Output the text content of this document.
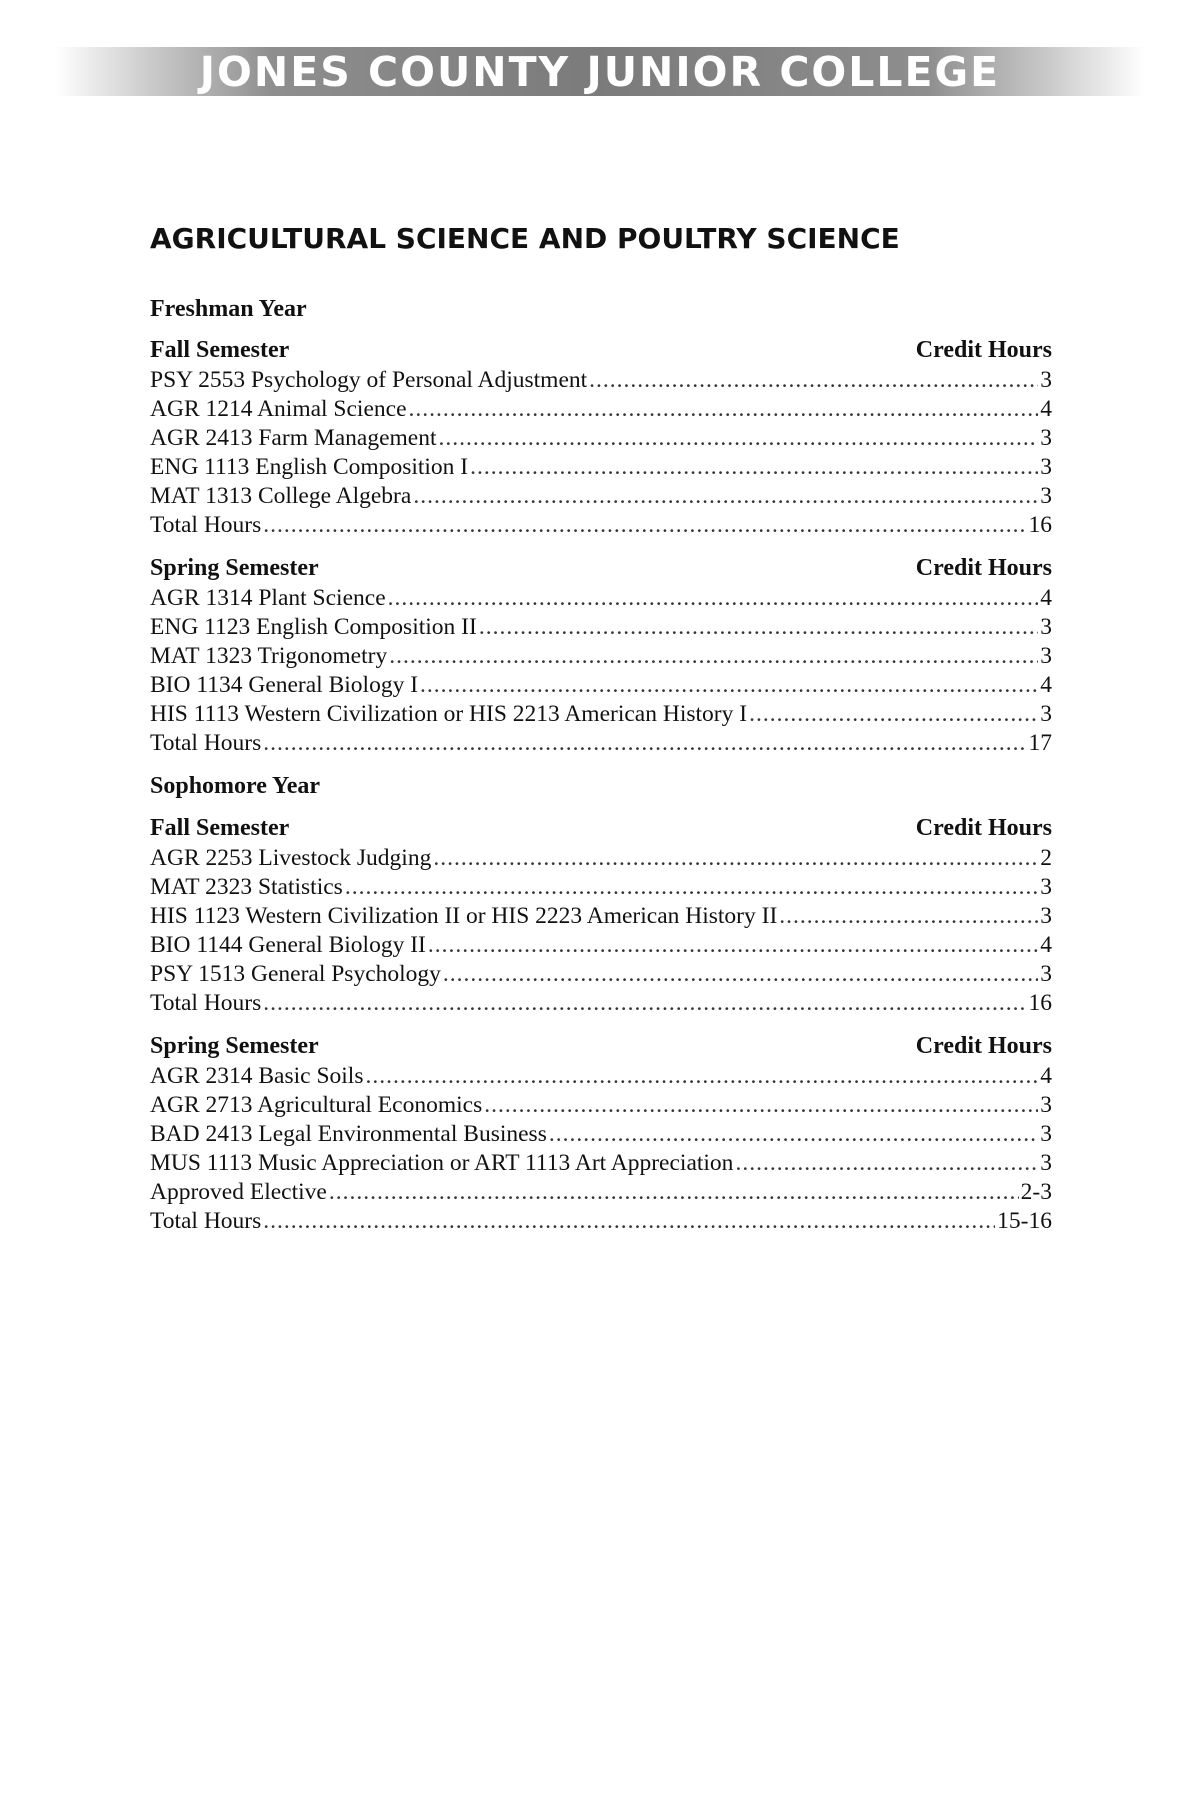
JONES COUNTY JUNIOR COLLEGE
AGRICULTURAL SCIENCE AND POULTRY SCIENCE
Freshman Year
Fall Semester	Credit Hours
PSY 2553 Psychology of Personal Adjustment .....	3
AGR 1214 Animal Science .....	4
AGR 2413 Farm Management .....	3
ENG 1113 English Composition I .....	3
MAT 1313 College Algebra .....	3
Total Hours .....	16
Spring Semester	Credit Hours
AGR 1314 Plant Science .....	4
ENG 1123 English Composition II .....	3
MAT 1323 Trigonometry .....	3
BIO 1134 General Biology I .....	4
HIS 1113 Western Civilization or HIS 2213 American History I .....	3
Total Hours .....	17
Sophomore Year
Fall Semester	Credit Hours
AGR 2253 Livestock Judging .....	2
MAT 2323 Statistics .....	3
HIS 1123 Western Civilization II or HIS 2223 American History II .....	3
BIO 1144 General Biology II .....	4
PSY 1513 General Psychology .....	3
Total Hours .....	16
Spring Semester	Credit Hours
AGR 2314 Basic Soils .....	4
AGR 2713 Agricultural Economics .....	3
BAD 2413 Legal Environmental Business .....	3
MUS 1113 Music Appreciation or ART 1113 Art Appreciation .....	3
Approved Elective .....	2-3
Total Hours .....	15-16
